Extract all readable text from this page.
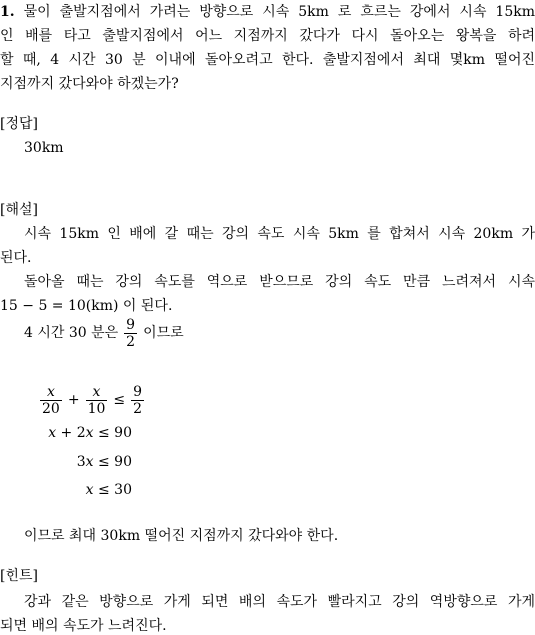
1. 물이 출발지점에서 가려는 방향으로 시속 5km 로 흐르는 강에서 시속 15km
인 배를 타고 출발지점에서 어느 지점까지 갔다가 다시 돌아오는 왕복을 하려
할 때, 4 시간 30 분 이내에 돌아오려고 한다. 출발지점에서 최대 몇km 떨어진
지점까지 갔다와야 하겠는가?
[정답]
30km
[해설]
시속 15km 인 배에 갈 때는 강의 속도 시속 5km 를 합쳐서 시속 20km 가
된다.
돌아올 때는 강의 속도를 역으로 받으므로 강의 속도 만큼 느려져서 시속
15 − 5 = 10(km) 이 된다.
4 시간 30 분은 $\frac{9}{2}$ 이므로
$\frac{x}{20} + \frac{x}{10} \le \frac{9}{2}$
x + 2x ≤ 90
3x ≤ 90
x ≤ 30
이므로 최대 30km 떨어진 지점까지 갔다와야 한다.
[힌트]
강과 같은 방향으로 가게 되면 배의 속도가 빨라지고 강의 역방향으로 가게
되면 배의 속도가 느려진다.
